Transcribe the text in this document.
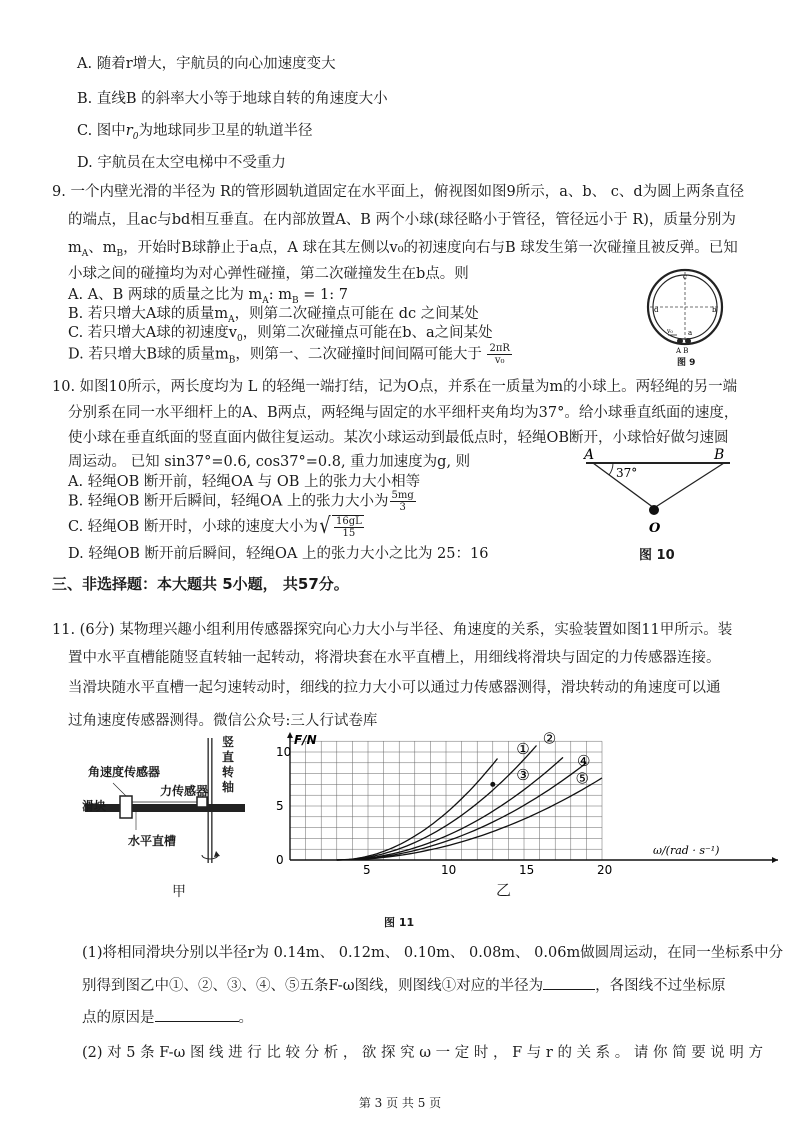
A. 随着r增大，宇航员的向心加速度变大
B. 直线B 的斜率大小等于地球自转的角速度大小
C. 图中$r_0$为地球同步卫星的轨道半径
D. 宇航员在太空电梯中不受重力
9. 一个内壁光滑的半径为 R的管形圆轨道固定在水平面上，俯视图如图9所示，a、b、 c、d为圆上两条直径
的端点，且ac与bd相互垂直。在内部放置A、B 两个小球(球径略小于管径，管径远小于 R)，质量分别为
$m_A$、$m_B$，开始时B球静止于a点，A 球在其左侧以v₀的初速度向右与B 球发生第一次碰撞且被反弹。已知
小球之间的碰撞均为对心弹性碰撞，第二次碰撞发生在b点。则
A. A、B 两球的质量之比为 $m_A$: $m_B = 1$: 7
B. 若只增大A球的质量$m_A$，则第二次碰撞点可能在 dc 之间某处
C. 若只增大A球的初速度$v_0$，则第二次碰撞点可能在b、a之间某处
D. 若只增大B球的质量$m_B$，则第一、二次碰撞时间间隔可能大于 $\frac{2\pi R}{\text{v₀}}$
c
d	b
a
v₀
A B
图 9
10. 如图10所示，两长度均为 L 的轻绳一端打结，记为O点，并系在一质量为m的小球上。两轻绳的另一端
分别系在同一水平细杆上的A、B两点，两轻绳与固定的水平细杆夹角均为37°。给小球垂直纸面的速度，
使小球在垂直纸面的竖直面内做往复运动。某次小球运动到最低点时，轻绳OB断开，小球恰好做匀速圆
周运动。 已知 sin37°=0.6, cos37°=0.8, 重力加速度为g, 则
A. 轻绳OB 断开前，轻绳OA 与 OB 上的张力大小相等
B. 轻绳OB 断开后瞬间，轻绳OA 上的张力大小为 $\frac{5mg}{3}$
C. 轻绳OB 断开时，小球的速度大小为√ $\frac{16gL}{15}$
D. 轻绳OB 断开前后瞬间，轻绳OA 上的张力大小之比为 25：16
A	B
37°
O
图 10
三、非选择题：本大题共 5小题， 共57分。
11. (6分) 某物理兴趣小组利用传感器探究向心力大小与半径、角速度的关系，实验装置如图11甲所示。装
置中水平直槽能随竖直转轴一起转动，将滑块套在水平直槽上，用细线将滑块与固定的力传感器连接。
当滑块随水平直槽一起匀速转动时，细线的拉力大小可以通过力传感器测得，滑块转动的角速度可以通
过角速度传感器测得。微信公众号:三人行试卷库
角速度传感器
力传感器
滑块
水平直槽
竖直转轴
甲
①
②
③
④
⑤
5	10	15	20
0
5
10
F/N
ω/(rad · s⁻¹)
乙
图 11
(1)将相同滑块分别以半径r为 0.14m、 0.12m、 0.10m、 0.08m、 0.06m做圆周运动，在同一坐标系中分
别得到图乙中①、②、③、④、⑤五条F-ω图线，则图线①对应的半径为	，各图线不过坐标原
点的原因是	。
(2) 对 5 条 F-ω 图 线 进 行 比 较 分 析 ， 欲 探 究 ω 一 定 时 ， F 与 r 的 关 系 。 请 你 简 要 说 明 方
第 3 页 共 5 页
